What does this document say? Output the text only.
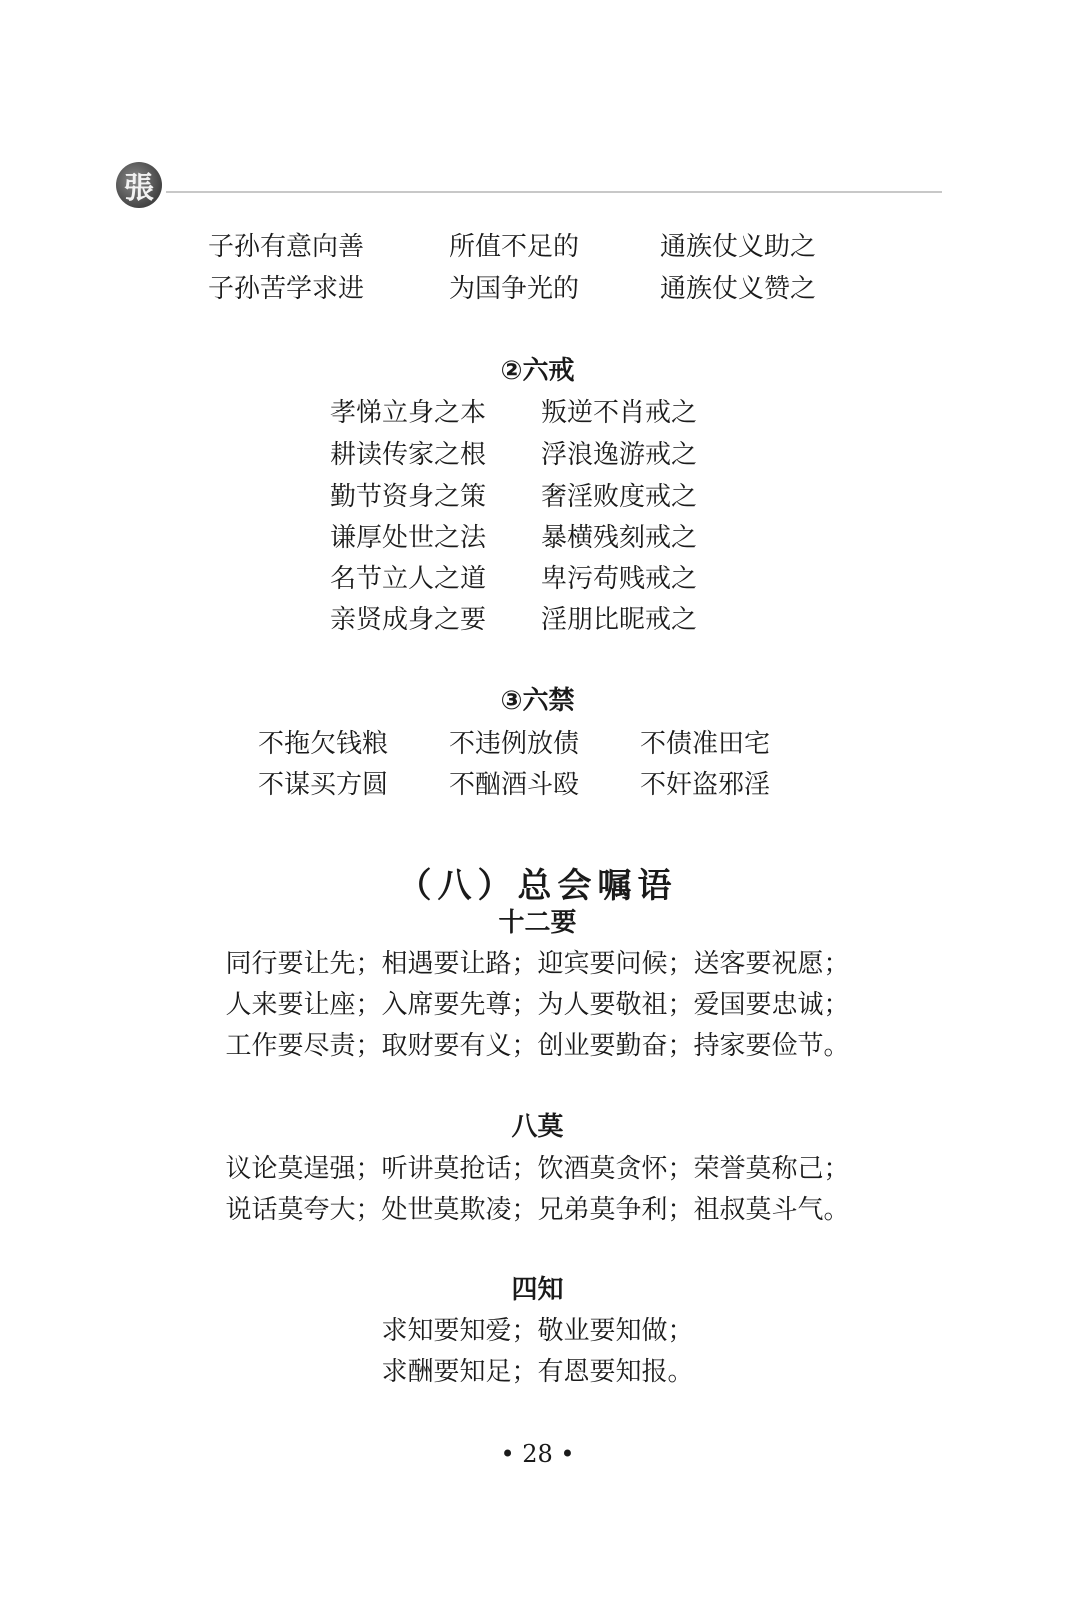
張
子孙有意向善	所值不足的	通族仗义助之
子孙苦学求进	为国争光的	通族仗义赞之
②六戒
孝悌立身之本 叛逆不肖戒之
耕读传家之根 浮浪逸游戒之
勤节资身之策 奢淫败度戒之
谦厚处世之法 暴横残刻戒之
名节立人之道 卑污苟贱戒之
亲贤成身之要 淫朋比昵戒之
③六禁
不拖欠钱粮 不违例放债 不债准田宅
不谋买方圆 不酗酒斗殴 不奸盗邪淫
（八）总会嘱语
十二要
同行要让先；相遇要让路；迎宾要问候；送客要祝愿；
人来要让座；入席要先尊；为人要敬祖；爱国要忠诚；
工作要尽责；取财要有义；创业要勤奋；持家要俭节。
八莫
议论莫逞强；听讲莫抢话；饮酒莫贪怀；荣誉莫称己；
说话莫夸大；处世莫欺凌；兄弟莫争利；祖叔莫斗气。
四知
求知要知爱；敬业要知做；
求酬要知足；有恩要知报。
• 28 •
